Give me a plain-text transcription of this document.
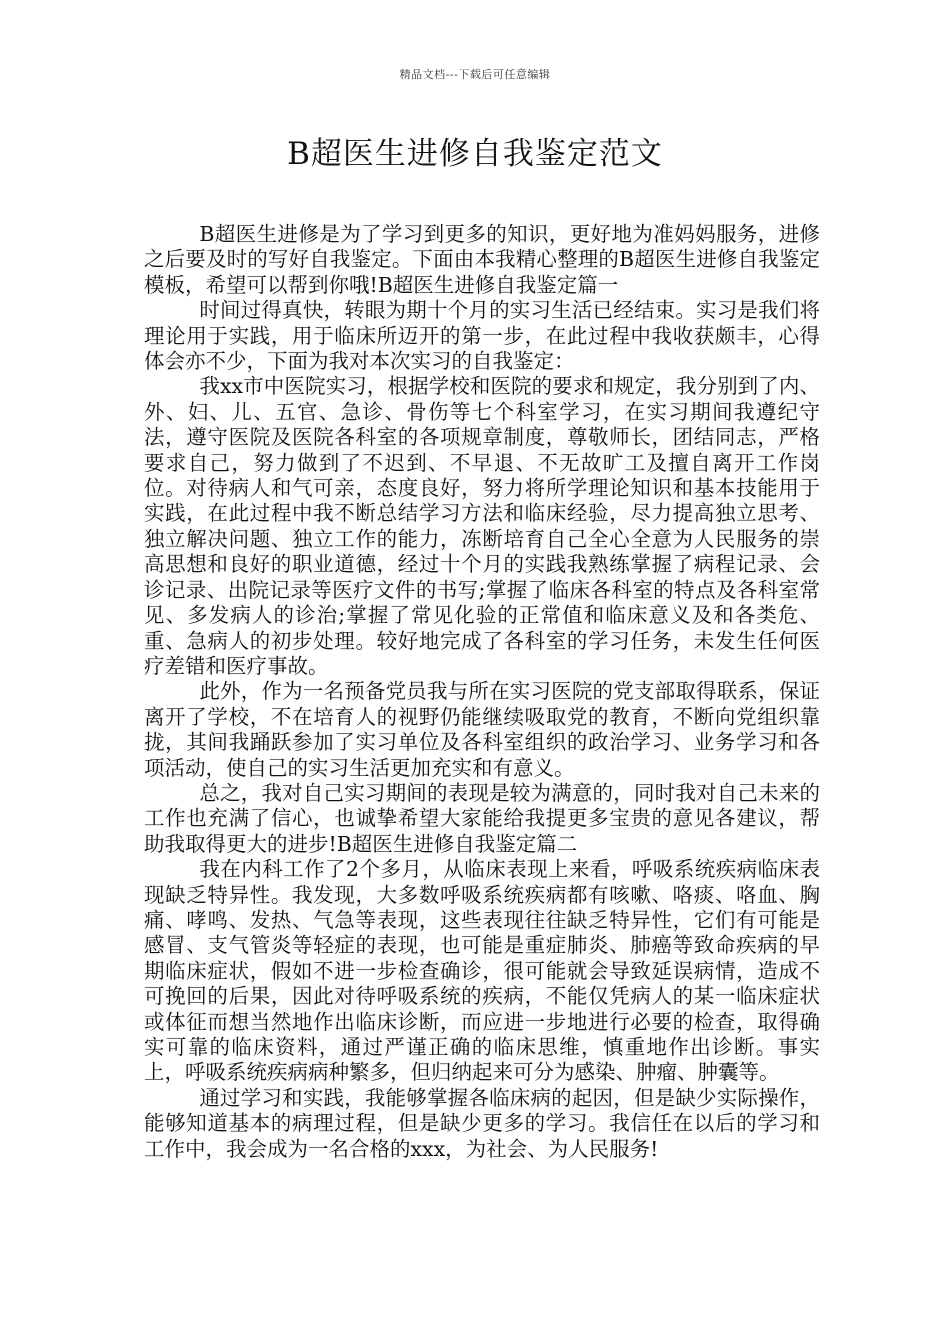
精品文档---下载后可任意编辑
B超医生进修自我鉴定范文

B超医生进修是为了学习到更多的知识，更好地为准妈妈服务，进修之后要及时的写好自我鉴定。下面由本我精心整理的B超医生进修自我鉴定模板，希望可以帮到你哦!B超医生进修自我鉴定篇一

时间过得真快，转眼为期十个月的实习生活已经结束。实习是我们将理论用于实践，用于临床所迈开的第一步，在此过程中我收获颇丰，心得体会亦不少，下面为我对本次实习的自我鉴定：

我xx市中医院实习，根据学校和医院的要求和规定，我分别到了内、外、妇、儿、五官、急诊、骨伤等七个科室学习，在实习期间我遵纪守法，遵守医院及医院各科室的各项规章制度，尊敬师长，团结同志，严格要求自己，努力做到了不迟到、不早退、不无故旷工及擅自离开工作岗位。对待病人和气可亲，态度良好，努力将所学理论知识和基本技能用于实践，在此过程中我不断总结学习方法和临床经验，尽力提高独立思考、独立解决问题、独立工作的能力，冻断培育自己全心全意为人民服务的崇高思想和良好的职业道德，经过十个月的实践我熟练掌握了病程记录、会诊记录、出院记录等医疗文件的书写;掌握了临床各科室的特点及各科室常见、多发病人的诊治;掌握了常见化验的正常值和临床意义及和各类危、重、急病人的初步处理。较好地完成了各科室的学习任务，未发生任何医疗差错和医疗事故。

此外，作为一名预备党员我与所在实习医院的党支部取得联系，保证离开了学校，不在培育人的视野仍能继续吸取党的教育，不断向党组织靠拢，其间我踊跃参加了实习单位及各科室组织的政治学习、业务学习和各项活动，使自己的实习生活更加充实和有意义。

总之，我对自己实习期间的表现是较为满意的，同时我对自己未来的工作也充满了信心，也诚挚希望大家能给我提更多宝贵的意见各建议，帮助我取得更大的进步!B超医生进修自我鉴定篇二

我在内科工作了2个多月，从临床表现上来看，呼吸系统疾病临床表现缺乏特异性。我发现，大多数呼吸系统疾病都有咳嗽、咯痰、咯血、胸痛、哮鸣、发热、气急等表现，这些表现往往缺乏特异性，它们有可能是感冒、支气管炎等轻症的表现，也可能是重症肺炎、肺癌等致命疾病的早期临床症状，假如不进一步检查确诊，很可能就会导致延误病情，造成不可挽回的后果，因此对待呼吸系统的疾病，不能仅凭病人的某一临床症状或体征而想当然地作出临床诊断，而应进一步地进行必要的检查，取得确实可靠的临床资料，通过严谨正确的临床思维，慎重地作出诊断。事实上，呼吸系统疾病病种繁多，但归纳起来可分为感染、肿瘤、肿囊等。

通过学习和实践，我能够掌握各临床病的起因，但是缺少实际操作，能够知道基本的病理过程，但是缺少更多的学习。我信任在以后的学习和工作中，我会成为一名合格的xxx，为社会、为人民服务!
